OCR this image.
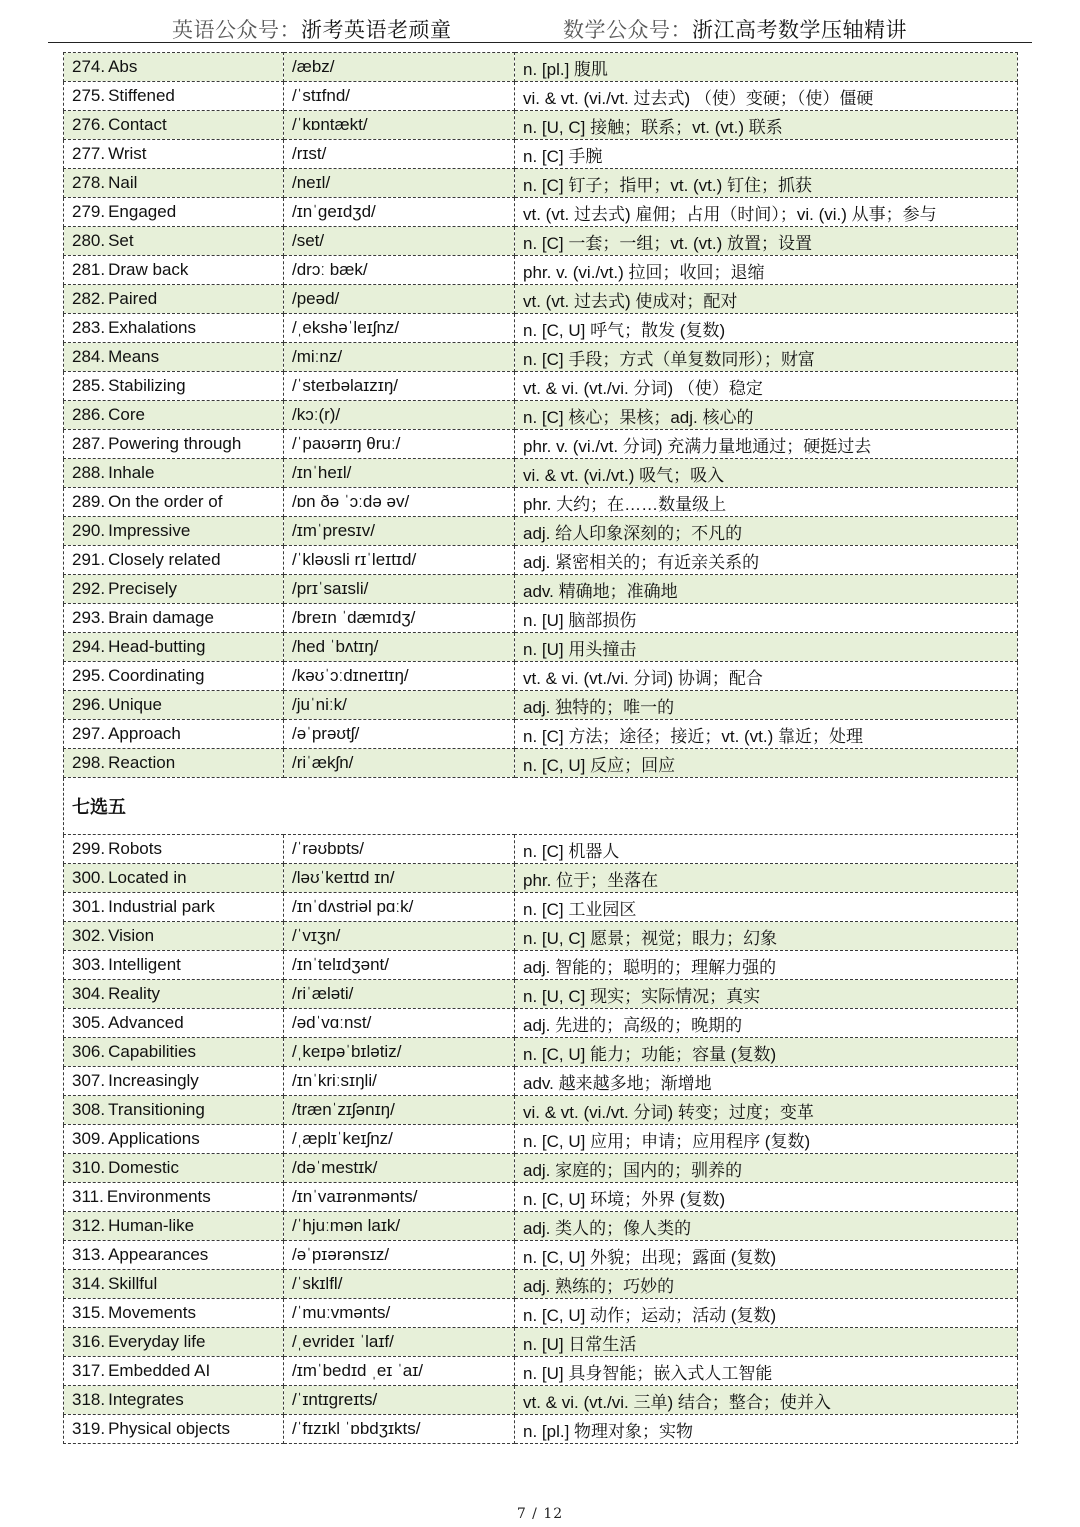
英语公众号：浙考英语老顽童	数学公众号：浙江高考数学压轴精讲
274. Abs	/æbz/	n. [pl.] 腹肌
275. Stiffened	/ˈstɪfnd/	vi. & vt. (vi./vt. 过去式) （使）变硬；（使）僵硬
276. Contact	/ˈkɒntækt/	n. [U, C] 接触；联系；vt. (vt.) 联系
277. Wrist	/rɪst/	n. [C] 手腕
278. Nail	/neɪl/	n. [C] 钉子；指甲；vt. (vt.) 钉住；抓获
279. Engaged	/ɪnˈɡeɪdʒd/	vt. (vt. 过去式) 雇佣；占用（时间）；vi. (vi.) 从事；参与
280. Set	/set/	n. [C] 一套；一组；vt. (vt.) 放置；设置
281. Draw back	/drɔː bæk/	phr. v. (vi./vt.) 拉回；收回；退缩
282. Paired	/peəd/	vt. (vt. 过去式) 使成对；配对
283. Exhalations	/ˌekshəˈleɪʃnz/	n. [C, U] 呼气；散发 (复数)
284. Means	/miːnz/	n. [C] 手段；方式（单复数同形）；财富
285. Stabilizing	/ˈsteɪbəlaɪzɪŋ/	vt. & vi. (vt./vi. 分词) （使）稳定
286. Core	/kɔː(r)/	n. [C] 核心；果核；adj. 核心的
287. Powering through	/ˈpaʊərɪŋ θruː/	phr. v. (vi./vt. 分词) 充满力量地通过；硬挺过去
288. Inhale	/ɪnˈheɪl/	vi. & vt. (vi./vt.) 吸气；吸入
289. On the order of	/ɒn ðə ˈɔːdə əv/	phr. 大约；在……数量级上
290. Impressive	/ɪmˈpresɪv/	adj. 给人印象深刻的；不凡的
291. Closely related	/ˈkləʊsli rɪˈleɪtɪd/	adj. 紧密相关的；有近亲关系的
292. Precisely	/prɪˈsaɪsli/	adv. 精确地；准确地
293. Brain damage	/breɪn ˈdæmɪdʒ/	n. [U] 脑部损伤
294. Head-butting	/hed ˈbʌtɪŋ/	n. [U] 用头撞击
295. Coordinating	/kəʊˈɔːdɪneɪtɪŋ/	vt. & vi. (vt./vi. 分词) 协调；配合
296. Unique	/juˈniːk/	adj. 独特的；唯一的
297. Approach	/əˈprəʊtʃ/	n. [C] 方法；途径；接近；vt. (vt.) 靠近；处理
298. Reaction	/riˈækʃn/	n. [C, U] 反应；回应
七选五		
299. Robots	/ˈrəʊbɒts/	n. [C] 机器人
300. Located in	/ləʊˈkeɪtɪd ɪn/	phr. 位于；坐落在
301. Industrial park	/ɪnˈdʌstriəl pɑːk/	n. [C] 工业园区
302. Vision	/ˈvɪʒn/	n. [U, C] 愿景；视觉；眼力；幻象
303. Intelligent	/ɪnˈtelɪdʒənt/	adj. 智能的；聪明的；理解力强的
304. Reality	/riˈæləti/	n. [U, C] 现实；实际情况；真实
305. Advanced	/ədˈvɑːnst/	adj. 先进的；高级的；晚期的
306. Capabilities	/ˌkeɪpəˈbɪlətiz/	n. [C, U] 能力；功能；容量 (复数)
307. Increasingly	/ɪnˈkriːsɪŋli/	adv. 越来越多地；渐增地
308. Transitioning	/trænˈzɪʃənɪŋ/	vi. & vt. (vi./vt. 分词) 转变；过度；变革
309. Applications	/ˌæplɪˈkeɪʃnz/	n. [C, U] 应用；申请；应用程序 (复数)
310. Domestic	/dəˈmestɪk/	adj. 家庭的；国内的；驯养的
311. Environments	/ɪnˈvaɪrənmənts/	n. [C, U] 环境；外界 (复数)
312. Human-like	/ˈhjuːmən laɪk/	adj. 类人的；像人类的
313. Appearances	/əˈpɪərənsɪz/	n. [C, U] 外貌；出现；露面 (复数)
314. Skillful	/ˈskɪlfl/	adj. 熟练的；巧妙的
315. Movements	/ˈmuːvmənts/	n. [C, U] 动作；运动；活动 (复数)
316. Everyday life	/ˌevrideɪ ˈlaɪf/	n. [U] 日常生活
317. Embedded AI	/ɪmˈbedɪd ˌeɪ ˈaɪ/	n. [U] 具身智能；嵌入式人工智能
318. Integrates	/ˈɪntɪɡreɪts/	vt. & vi. (vt./vi. 三单) 结合；整合；使并入
319. Physical objects	/ˈfɪzɪkl ˈɒbdʒɪkts/	n. [pl.] 物理对象；实物
7 / 12
